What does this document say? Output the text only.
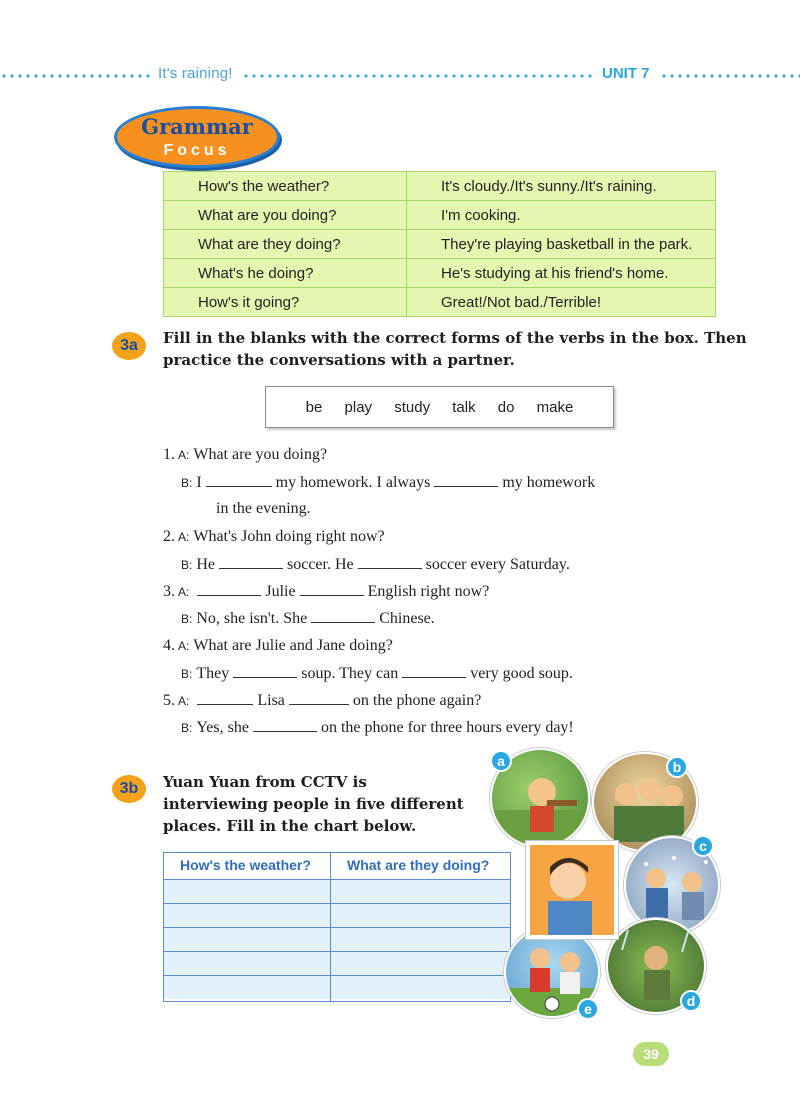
It's raining!	UNIT 7
Grammar
Focus
How's the weather?	It's cloudy./It's sunny./It's raining.
What are you doing?	I'm cooking.
What are they doing?	They're playing basketball in the park.
What's he doing?	He's studying at his friend's home.
How's it going?	Great!/Not bad./Terrible!
3a	Fill in the blanks with the correct forms of the verbs in the box. Then
practice the conversations with a partner.
be play study talk do make
1. A: What are you doing?
B: I	my homework. I always	my homework
in the evening.
2. A: What's John doing right now?
B: He	soccer. He	soccer every Saturday.
3. A:	Julie	English right now?
B: No, she isn't. She	Chinese.
4. A: What are Julie and Jane doing?
B: They	soup. They can	very good soup.
5. A:	Lisa	on the phone again?
B: Yes, she	on the phone for three hours every day!
3b	Yuan Yuan from CCTV is
interviewing people in five different
places. Fill in the chart below.
How's the weather?	What are they doing?
a	b
c
d
e
39
